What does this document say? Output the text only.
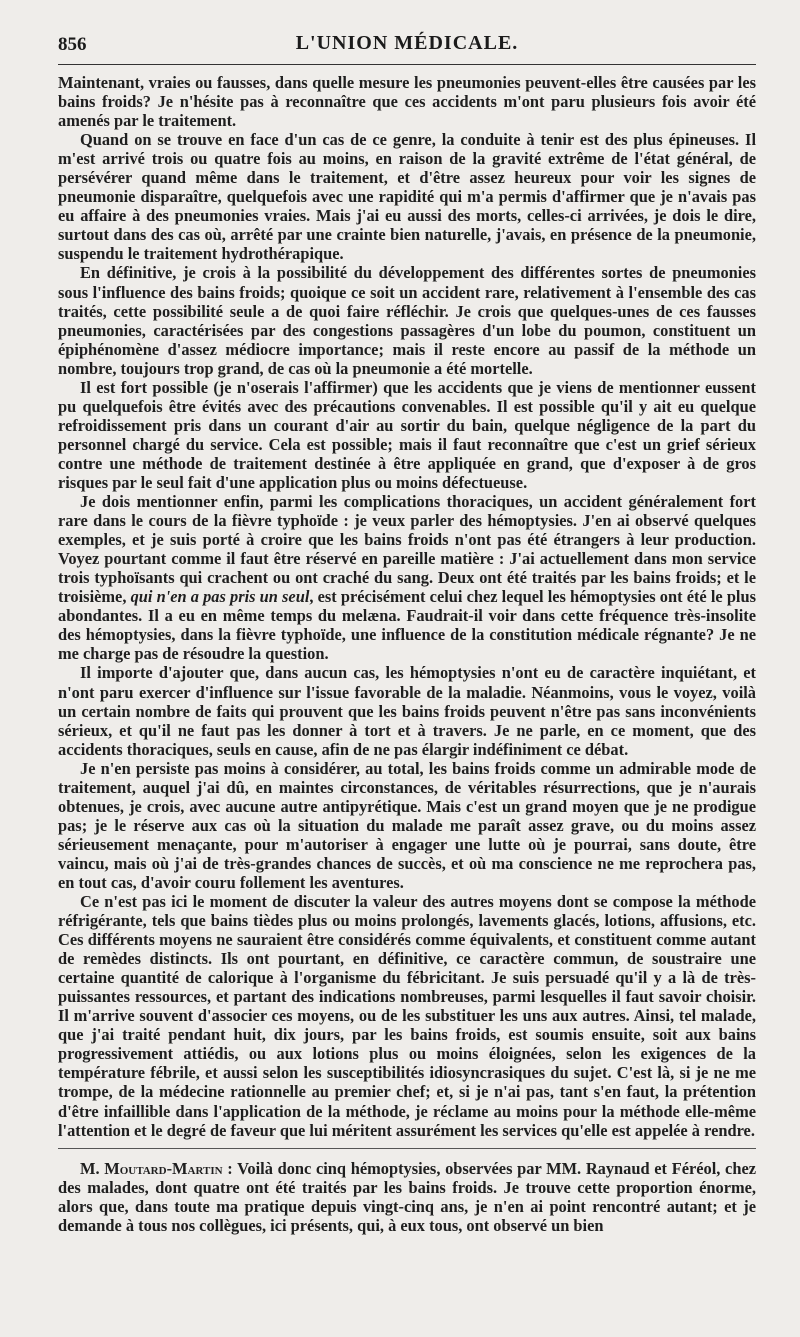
856	L'UNION MÉDICALE.

Maintenant, vraies ou fausses, dans quelle mesure les pneumonies peuvent-elles être causées par les bains froids? Je n'hésite pas à reconnaître que ces accidents m'ont paru plusieurs fois avoir été amenés par le traitement.

Quand on se trouve en face d'un cas de ce genre, la conduite à tenir est des plus épineuses. Il m'est arrivé trois ou quatre fois au moins, en raison de la gravité extrême de l'état général, de persévérer quand même dans le traitement, et d'être assez heureux pour voir les signes de pneumonie disparaître, quelquefois avec une rapidité qui m'a permis d'affirmer que je n'avais pas eu affaire à des pneumonies vraies. Mais j'ai eu aussi des morts, celles-ci arrivées, je dois le dire, surtout dans des cas où, arrêté par une crainte bien naturelle, j'avais, en présence de la pneumonie, suspendu le traitement hydrothérapique.

En définitive, je crois à la possibilité du développement des différentes sortes de pneumonies sous l'influence des bains froids; quoique ce soit un accident rare, relativement à l'ensemble des cas traités, cette possibilité seule a de quoi faire réfléchir. Je crois que quelques-unes de ces fausses pneumonies, caractérisées par des congestions passagères d'un lobe du poumon, constituent un épiphénomène d'assez médiocre importance; mais il reste encore au passif de la méthode un nombre, toujours trop grand, de cas où la pneumonie a été mortelle.

Il est fort possible (je n'oserais l'affirmer) que les accidents que je viens de mentionner eussent pu quelquefois être évités avec des précautions convenables. Il est possible qu'il y ait eu quelque refroidissement pris dans un courant d'air au sortir du bain, quelque négligence de la part du personnel chargé du service. Cela est possible; mais il faut reconnaître que c'est un grief sérieux contre une méthode de traitement destinée à être appliquée en grand, que d'exposer à de gros risques par le seul fait d'une application plus ou moins défectueuse.

Je dois mentionner enfin, parmi les complications thoraciques, un accident généralement fort rare dans le cours de la fièvre typhoïde : je veux parler des hémoptysies. J'en ai observé quelques exemples, et je suis porté à croire que les bains froids n'ont pas été étrangers à leur production. Voyez pourtant comme il faut être réservé en pareille matière : J'ai actuellement dans mon service trois typhoïsants qui crachent ou ont craché du sang. Deux ont été traités par les bains froids; et le troisième, qui n'en a pas pris un seul, est précisément celui chez lequel les hémoptysies ont été le plus abondantes. Il a eu en même temps du melæna. Faudrait-il voir dans cette fréquence très-insolite des hémoptysies, dans la fièvre typhoïde, une influence de la constitution médicale régnante? Je ne me charge pas de résoudre la question.

Il importe d'ajouter que, dans aucun cas, les hémoptysies n'ont eu de caractère inquiétant, et n'ont paru exercer d'influence sur l'issue favorable de la maladie. Néanmoins, vous le voyez, voilà un certain nombre de faits qui prouvent que les bains froids peuvent n'être pas sans inconvénients sérieux, et qu'il ne faut pas les donner à tort et à travers. Je ne parle, en ce moment, que des accidents thoraciques, seuls en cause, afin de ne pas élargir indéfiniment ce débat.

Je n'en persiste pas moins à considérer, au total, les bains froids comme un admirable mode de traitement, auquel j'ai dû, en maintes circonstances, de véritables résurrections, que je n'aurais obtenues, je crois, avec aucune autre antipyrétique. Mais c'est un grand moyen que je ne prodigue pas; je le réserve aux cas où la situation du malade me paraît assez grave, ou du moins assez sérieusement menaçante, pour m'autoriser à engager une lutte où je pourrai, sans doute, être vaincu, mais où j'ai de très-grandes chances de succès, et où ma conscience ne me reprochera pas, en tout cas, d'avoir couru follement les aventures.

Ce n'est pas ici le moment de discuter la valeur des autres moyens dont se compose la méthode réfrigérante, tels que bains tièdes plus ou moins prolongés, lavements glacés, lotions, affusions, etc. Ces différents moyens ne sauraient être considérés comme équivalents, et constituent comme autant de remèdes distincts. Ils ont pourtant, en définitive, ce caractère commun, de soustraire une certaine quantité de calorique à l'organisme du fébricitant. Je suis persuadé qu'il y a là de très-puissantes ressources, et partant des indications nombreuses, parmi lesquelles il faut savoir choisir. Il m'arrive souvent d'associer ces moyens, ou de les substituer les uns aux autres. Ainsi, tel malade, que j'ai traité pendant huit, dix jours, par les bains froids, est soumis ensuite, soit aux bains progressivement attiédis, ou aux lotions plus ou moins éloignées, selon les exigences de la température fébrile, et aussi selon les susceptibilités idiosyncrasiques du sujet. C'est là, si je ne me trompe, de la médecine rationnelle au premier chef; et, si je n'ai pas, tant s'en faut, la prétention d'être infaillible dans l'application de la méthode, je réclame au moins pour la méthode elle-même l'attention et le degré de faveur que lui méritent assurément les services qu'elle est appelée à rendre.

M. Moutard-Martin : Voilà donc cinq hémoptysies, observées par MM. Raynaud et Féréol, chez des malades, dont quatre ont été traités par les bains froids. Je trouve cette proportion énorme, alors que, dans toute ma pratique depuis vingt-cinq ans, je n'en ai point rencontré autant; et je demande à tous nos collègues, ici présents, qui, à eux tous, ont observé un bien
